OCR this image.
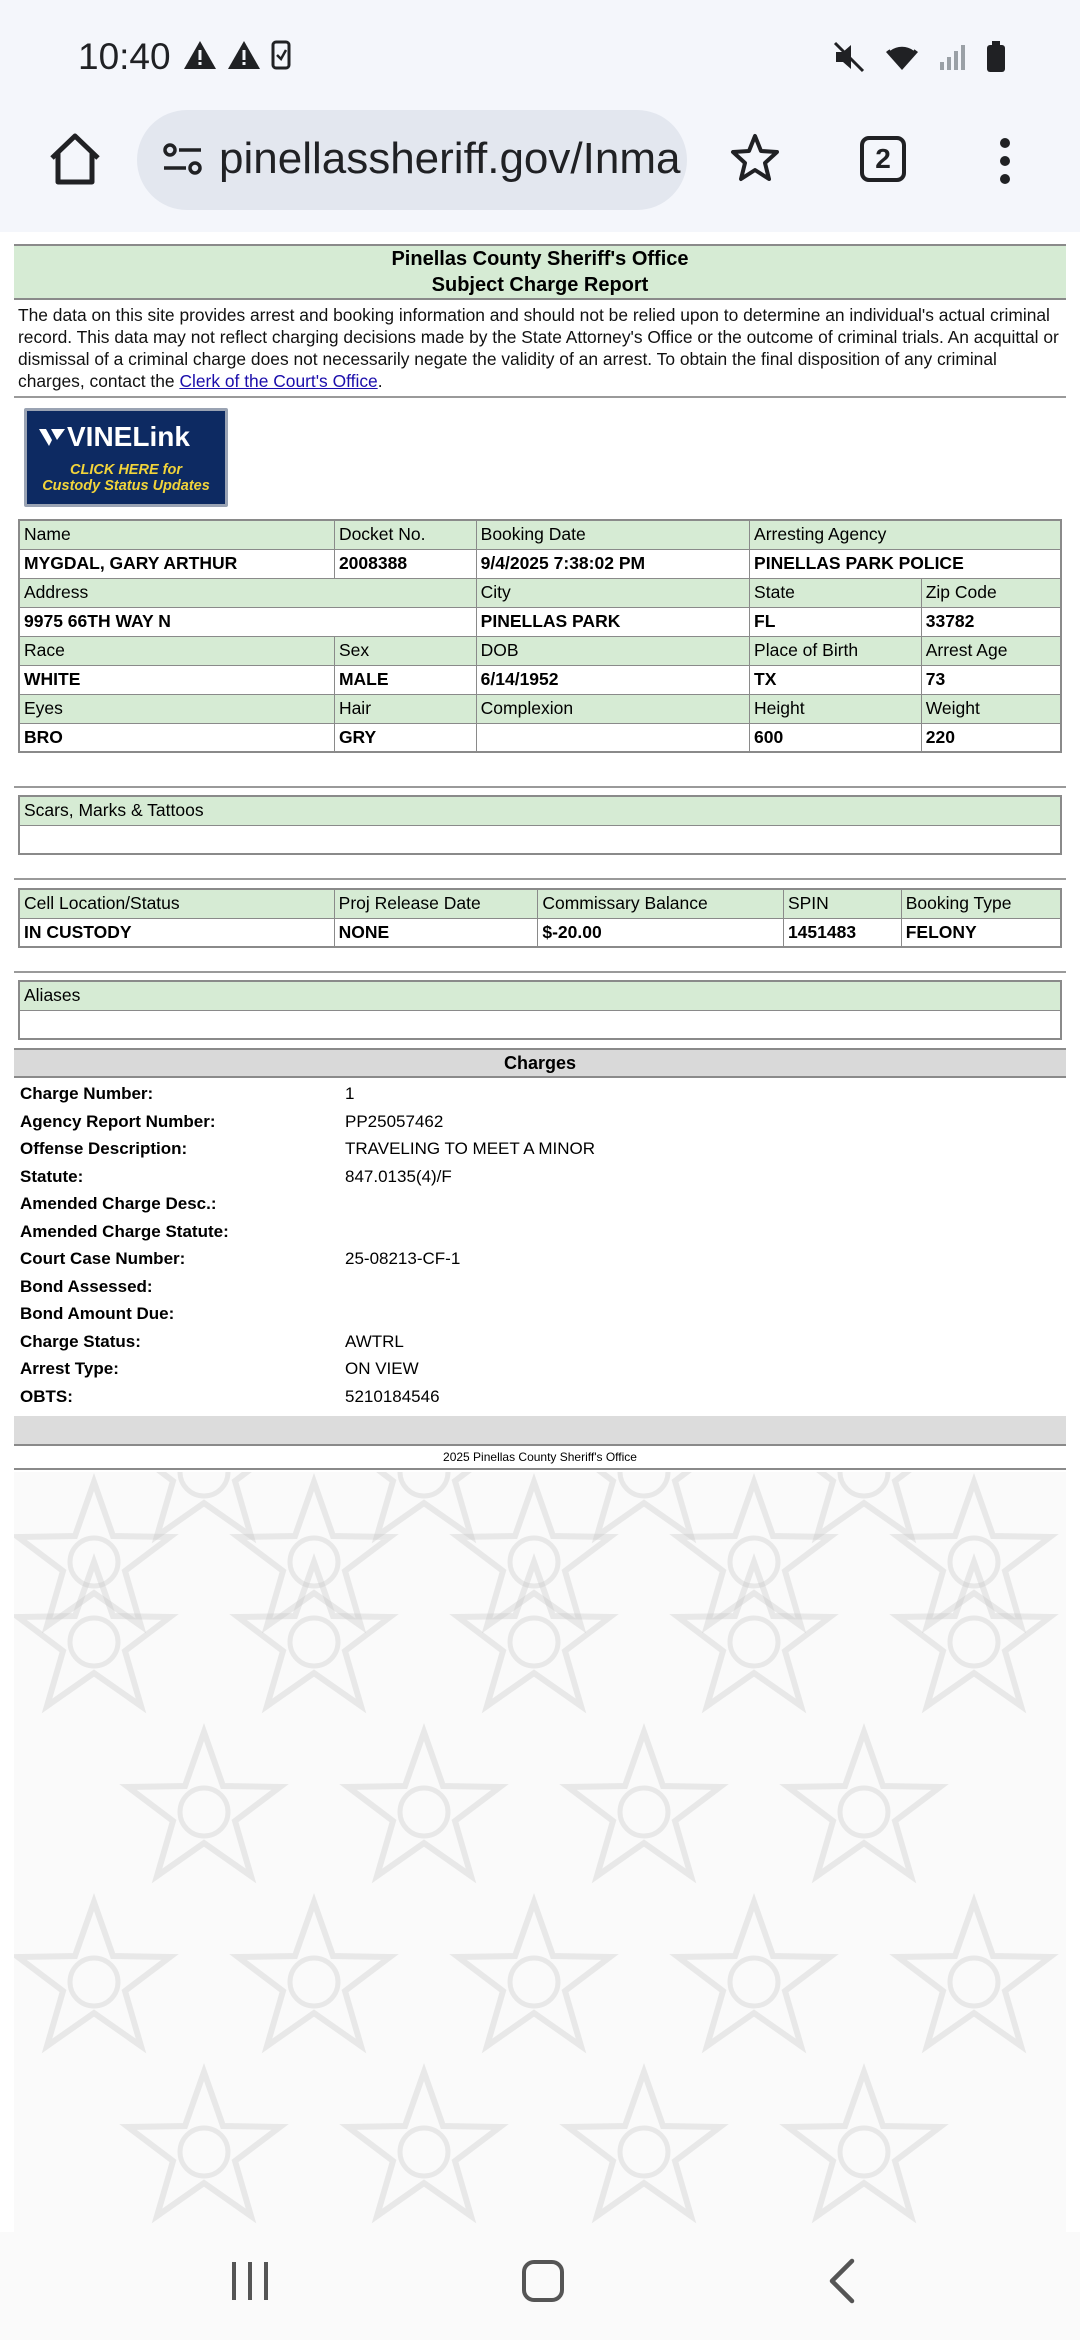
10:40
pinellassheriff.gov/Inma	2
Pinellas County Sheriff's Office
Subject Charge Report
The data on this site provides arrest and booking information and should not be relied upon to determine an individual's actual criminal record. This data may not reflect charging decisions made by the State Attorney's Office or the outcome of criminal trials. An acquittal or dismissal of a criminal charge does not necessarily negate the validity of an arrest. To obtain the final disposition of any criminal charges, contact the Clerk of the Court's Office.
VINELink
CLICK HERE for
Custody Status Updates
Name	Docket No.	Booking Date	Arresting Agency	
MYGDAL, GARY ARTHUR	2008388	9/4/2025 7:38:02 PM	PINELLAS PARK POLICE	
Address		City	State	Zip Code
9975 66TH WAY N		PINELLAS PARK	FL	33782
Race	Sex	DOB	Place of Birth	Arrest Age
WHITE	MALE	6/14/1952	TX	73
Eyes	Hair	Complexion	Height	Weight
BRO	GRY		600	220
Scars, Marks & Tattoos

Cell Location/Status	Proj Release Date	Commissary Balance	SPIN	Booking Type
IN CUSTODY	NONE	$-20.00	1451483	FELONY
Aliases

Charges
Charge Number:	1
Agency Report Number:	PP25057462
Offense Description:	TRAVELING TO MEET A MINOR
Statute:	847.0135(4)/F
Amended Charge Desc.:
Amended Charge Statute:
Court Case Number:	25-08213-CF-1
Bond Assessed:
Bond Amount Due:
Charge Status:	AWTRL
Arrest Type:	ON VIEW
OBTS:	5210184546
2025 Pinellas County Sheriff's Office
